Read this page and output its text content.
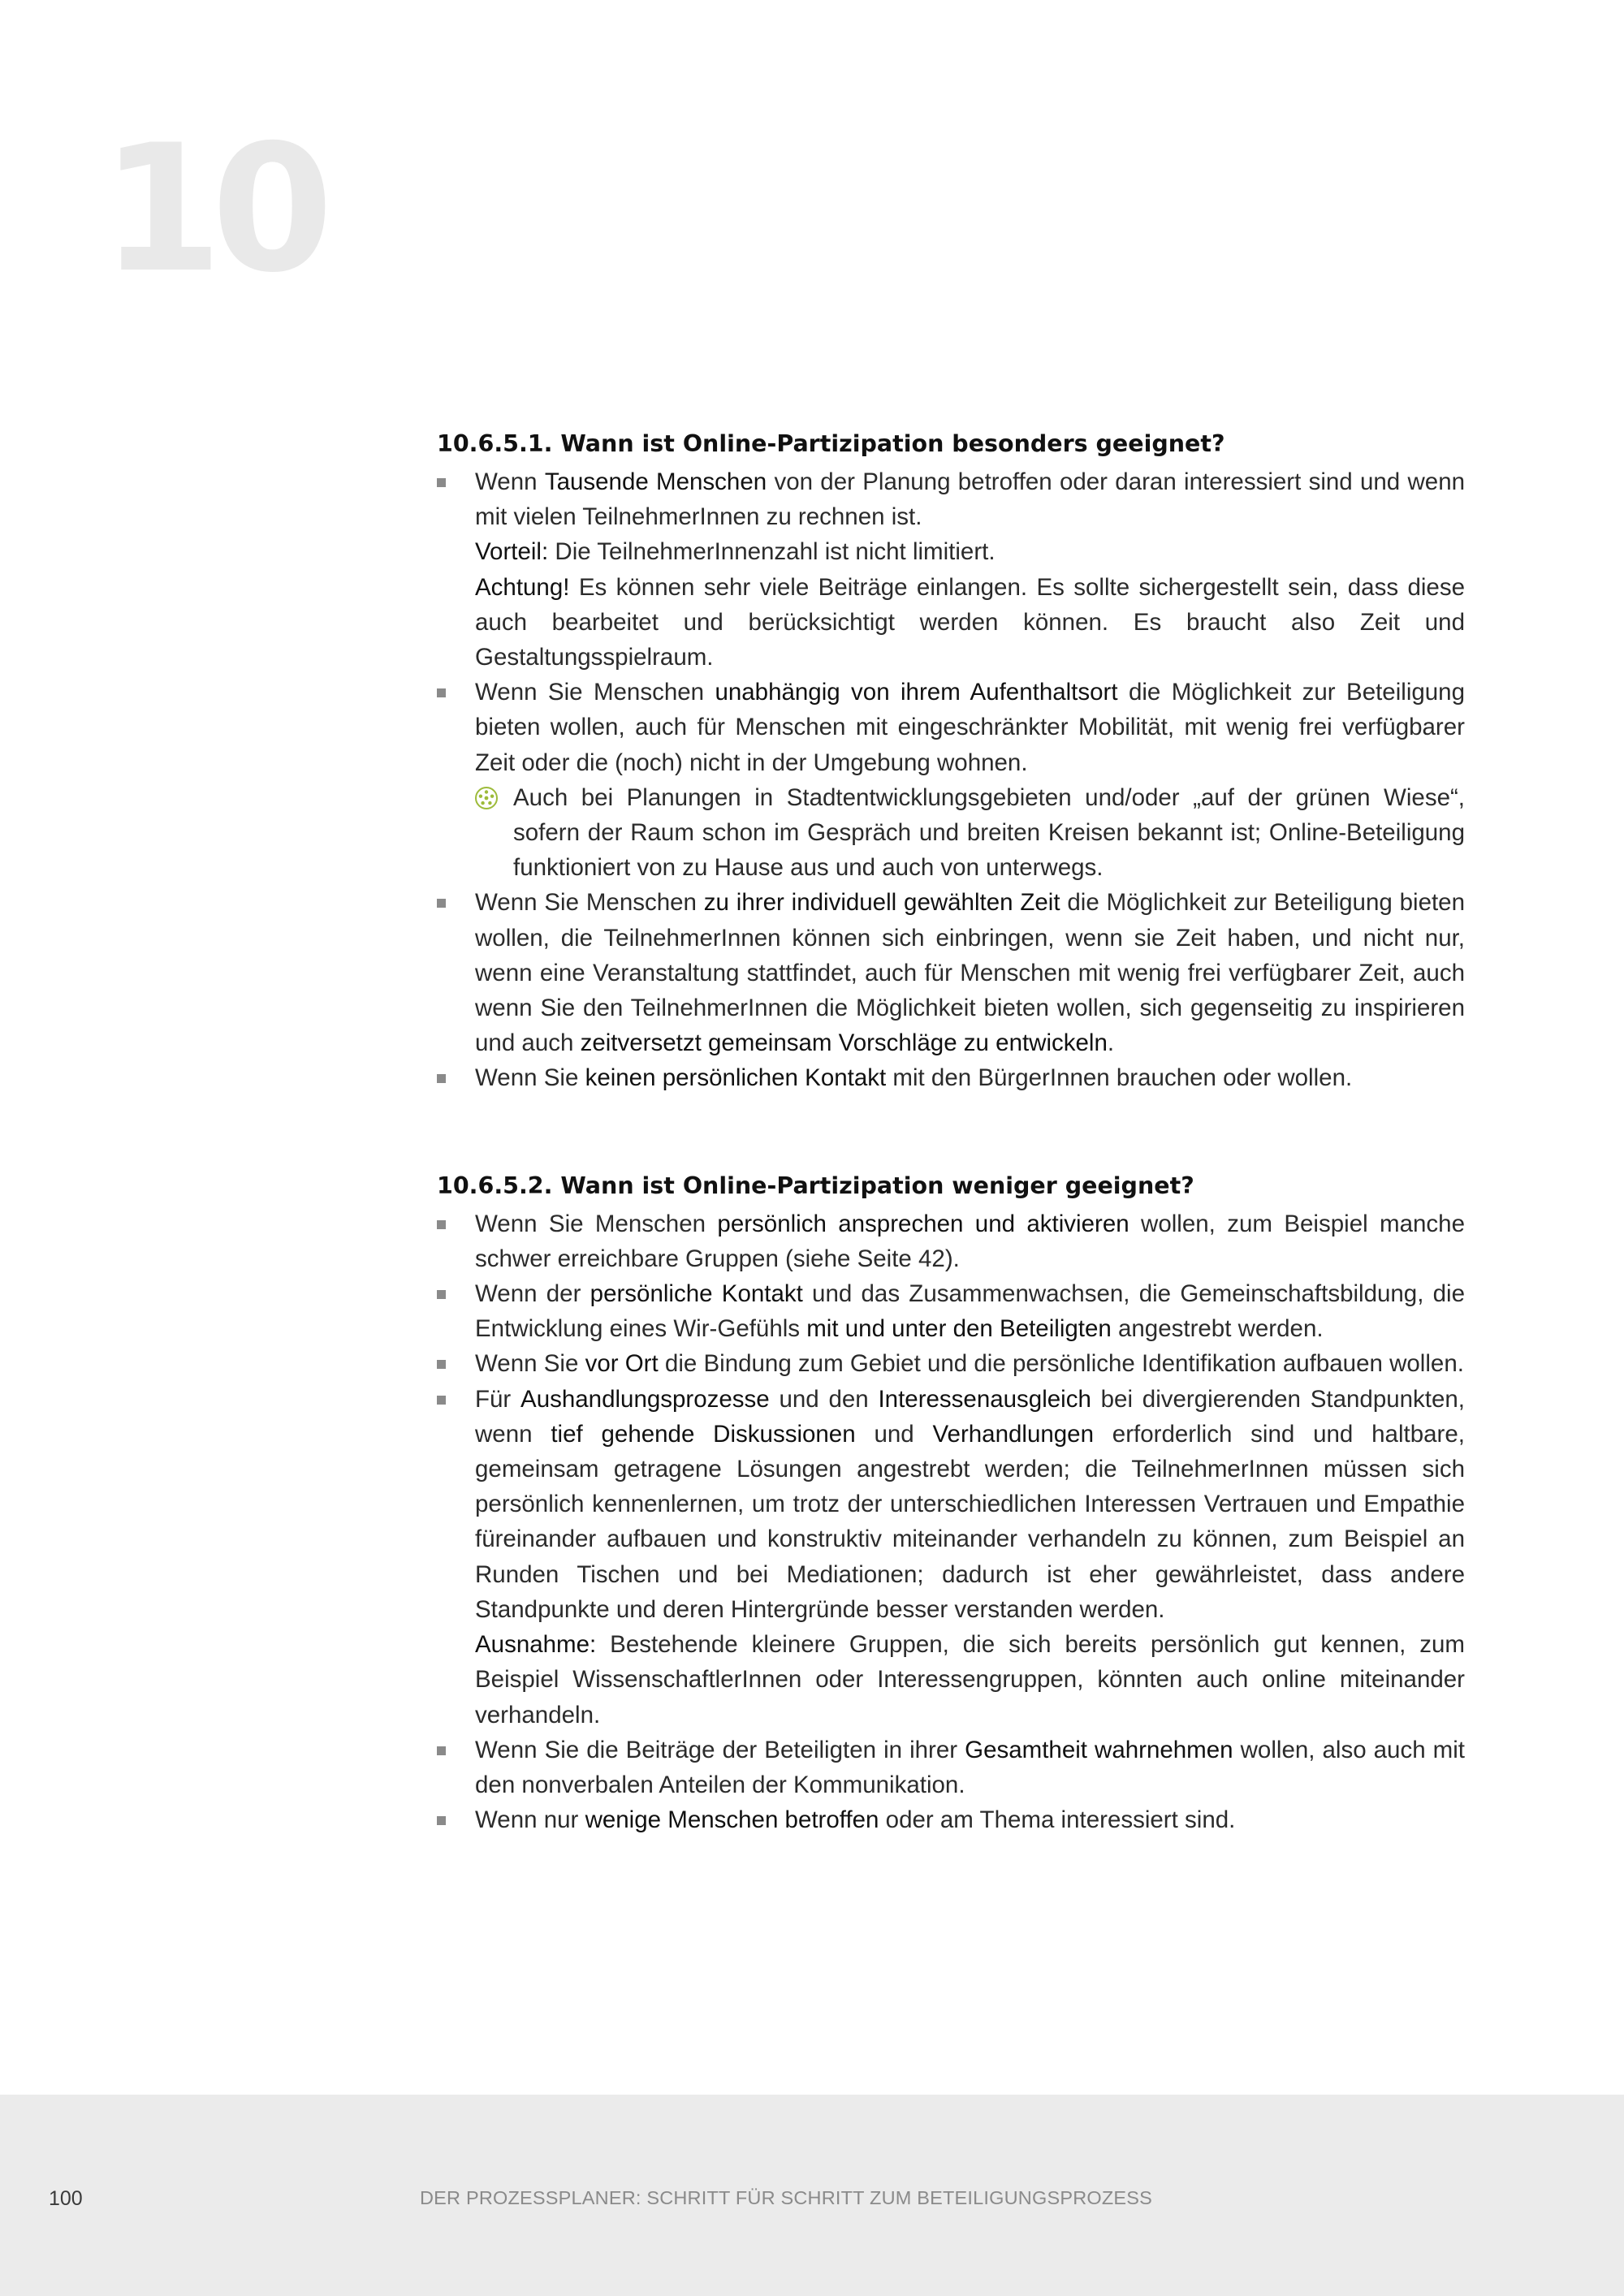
10
10.6.5.1. Wann ist Online-Partizipation besonders geeignet?
Wenn Tausende Menschen von der Planung betroffen oder daran interessiert sind und wenn mit vielen TeilnehmerInnen zu rechnen ist.
Vorteil: Die TeilnehmerInnenzahl ist nicht limitiert.
Achtung! Es können sehr viele Beiträge einlangen. Es sollte sichergestellt sein, dass diese auch bearbeitet und berücksichtigt werden können. Es braucht also Zeit und Gestaltungsspielraum.
Wenn Sie Menschen unabhängig von ihrem Aufenthaltsort die Möglichkeit zur Beteiligung bieten wollen, auch für Menschen mit eingeschränkter Mobilität, mit wenig frei verfügbarer Zeit oder die (noch) nicht in der Umgebung wohnen.
Auch bei Planungen in Stadtentwicklungsgebieten und/oder „auf der grünen Wiese“, sofern der Raum schon im Gespräch und breiten Kreisen bekannt ist; Online-Beteiligung funktioniert von zu Hause aus und auch von unterwegs.
Wenn Sie Menschen zu ihrer individuell gewählten Zeit die Möglichkeit zur Beteiligung bieten wollen, die TeilnehmerInnen können sich einbringen, wenn sie Zeit haben, und nicht nur, wenn eine Veranstaltung stattfindet, auch für Menschen mit wenig frei verfügbarer Zeit, auch wenn Sie den TeilnehmerInnen die Möglichkeit bieten wollen, sich gegenseitig zu inspirieren und auch zeitversetzt gemeinsam Vorschläge zu entwickeln.
Wenn Sie keinen persönlichen Kontakt mit den BürgerInnen brauchen oder wollen.
10.6.5.2. Wann ist Online-Partizipation weniger geeignet?
Wenn Sie Menschen persönlich ansprechen und aktivieren wollen, zum Beispiel manche schwer erreichbare Gruppen (siehe Seite 42).
Wenn der persönliche Kontakt und das Zusammenwachsen, die Gemeinschaftsbildung, die Entwicklung eines Wir-Gefühls mit und unter den Beteiligten angestrebt werden.
Wenn Sie vor Ort die Bindung zum Gebiet und die persönliche Identifikation aufbauen wollen.
Für Aushandlungsprozesse und den Interessenausgleich bei divergierenden Standpunkten, wenn tief gehende Diskussionen und Verhandlungen erforderlich sind und haltbare, gemeinsam getragene Lösungen angestrebt werden; die TeilnehmerInnen müssen sich persönlich kennenlernen, um trotz der unterschiedlichen Interessen Vertrauen und Empathie füreinander aufbauen und konstruktiv miteinander verhandeln zu können, zum Beispiel an Runden Tischen und bei Mediationen; dadurch ist eher gewährleistet, dass andere Standpunkte und deren Hintergründe besser verstanden werden.
Ausnahme: Bestehende kleinere Gruppen, die sich bereits persönlich gut kennen, zum Beispiel WissenschaftlerInnen oder Interessengruppen, könnten auch online miteinander verhandeln.
Wenn Sie die Beiträge der Beteiligten in ihrer Gesamtheit wahrnehmen wollen, also auch mit den nonverbalen Anteilen der Kommunikation.
Wenn nur wenige Menschen betroffen oder am Thema interessiert sind.
100	DER PROZESSPLANER: SCHRITT FÜR SCHRITT ZUM BETEILIGUNGSPROZESS
